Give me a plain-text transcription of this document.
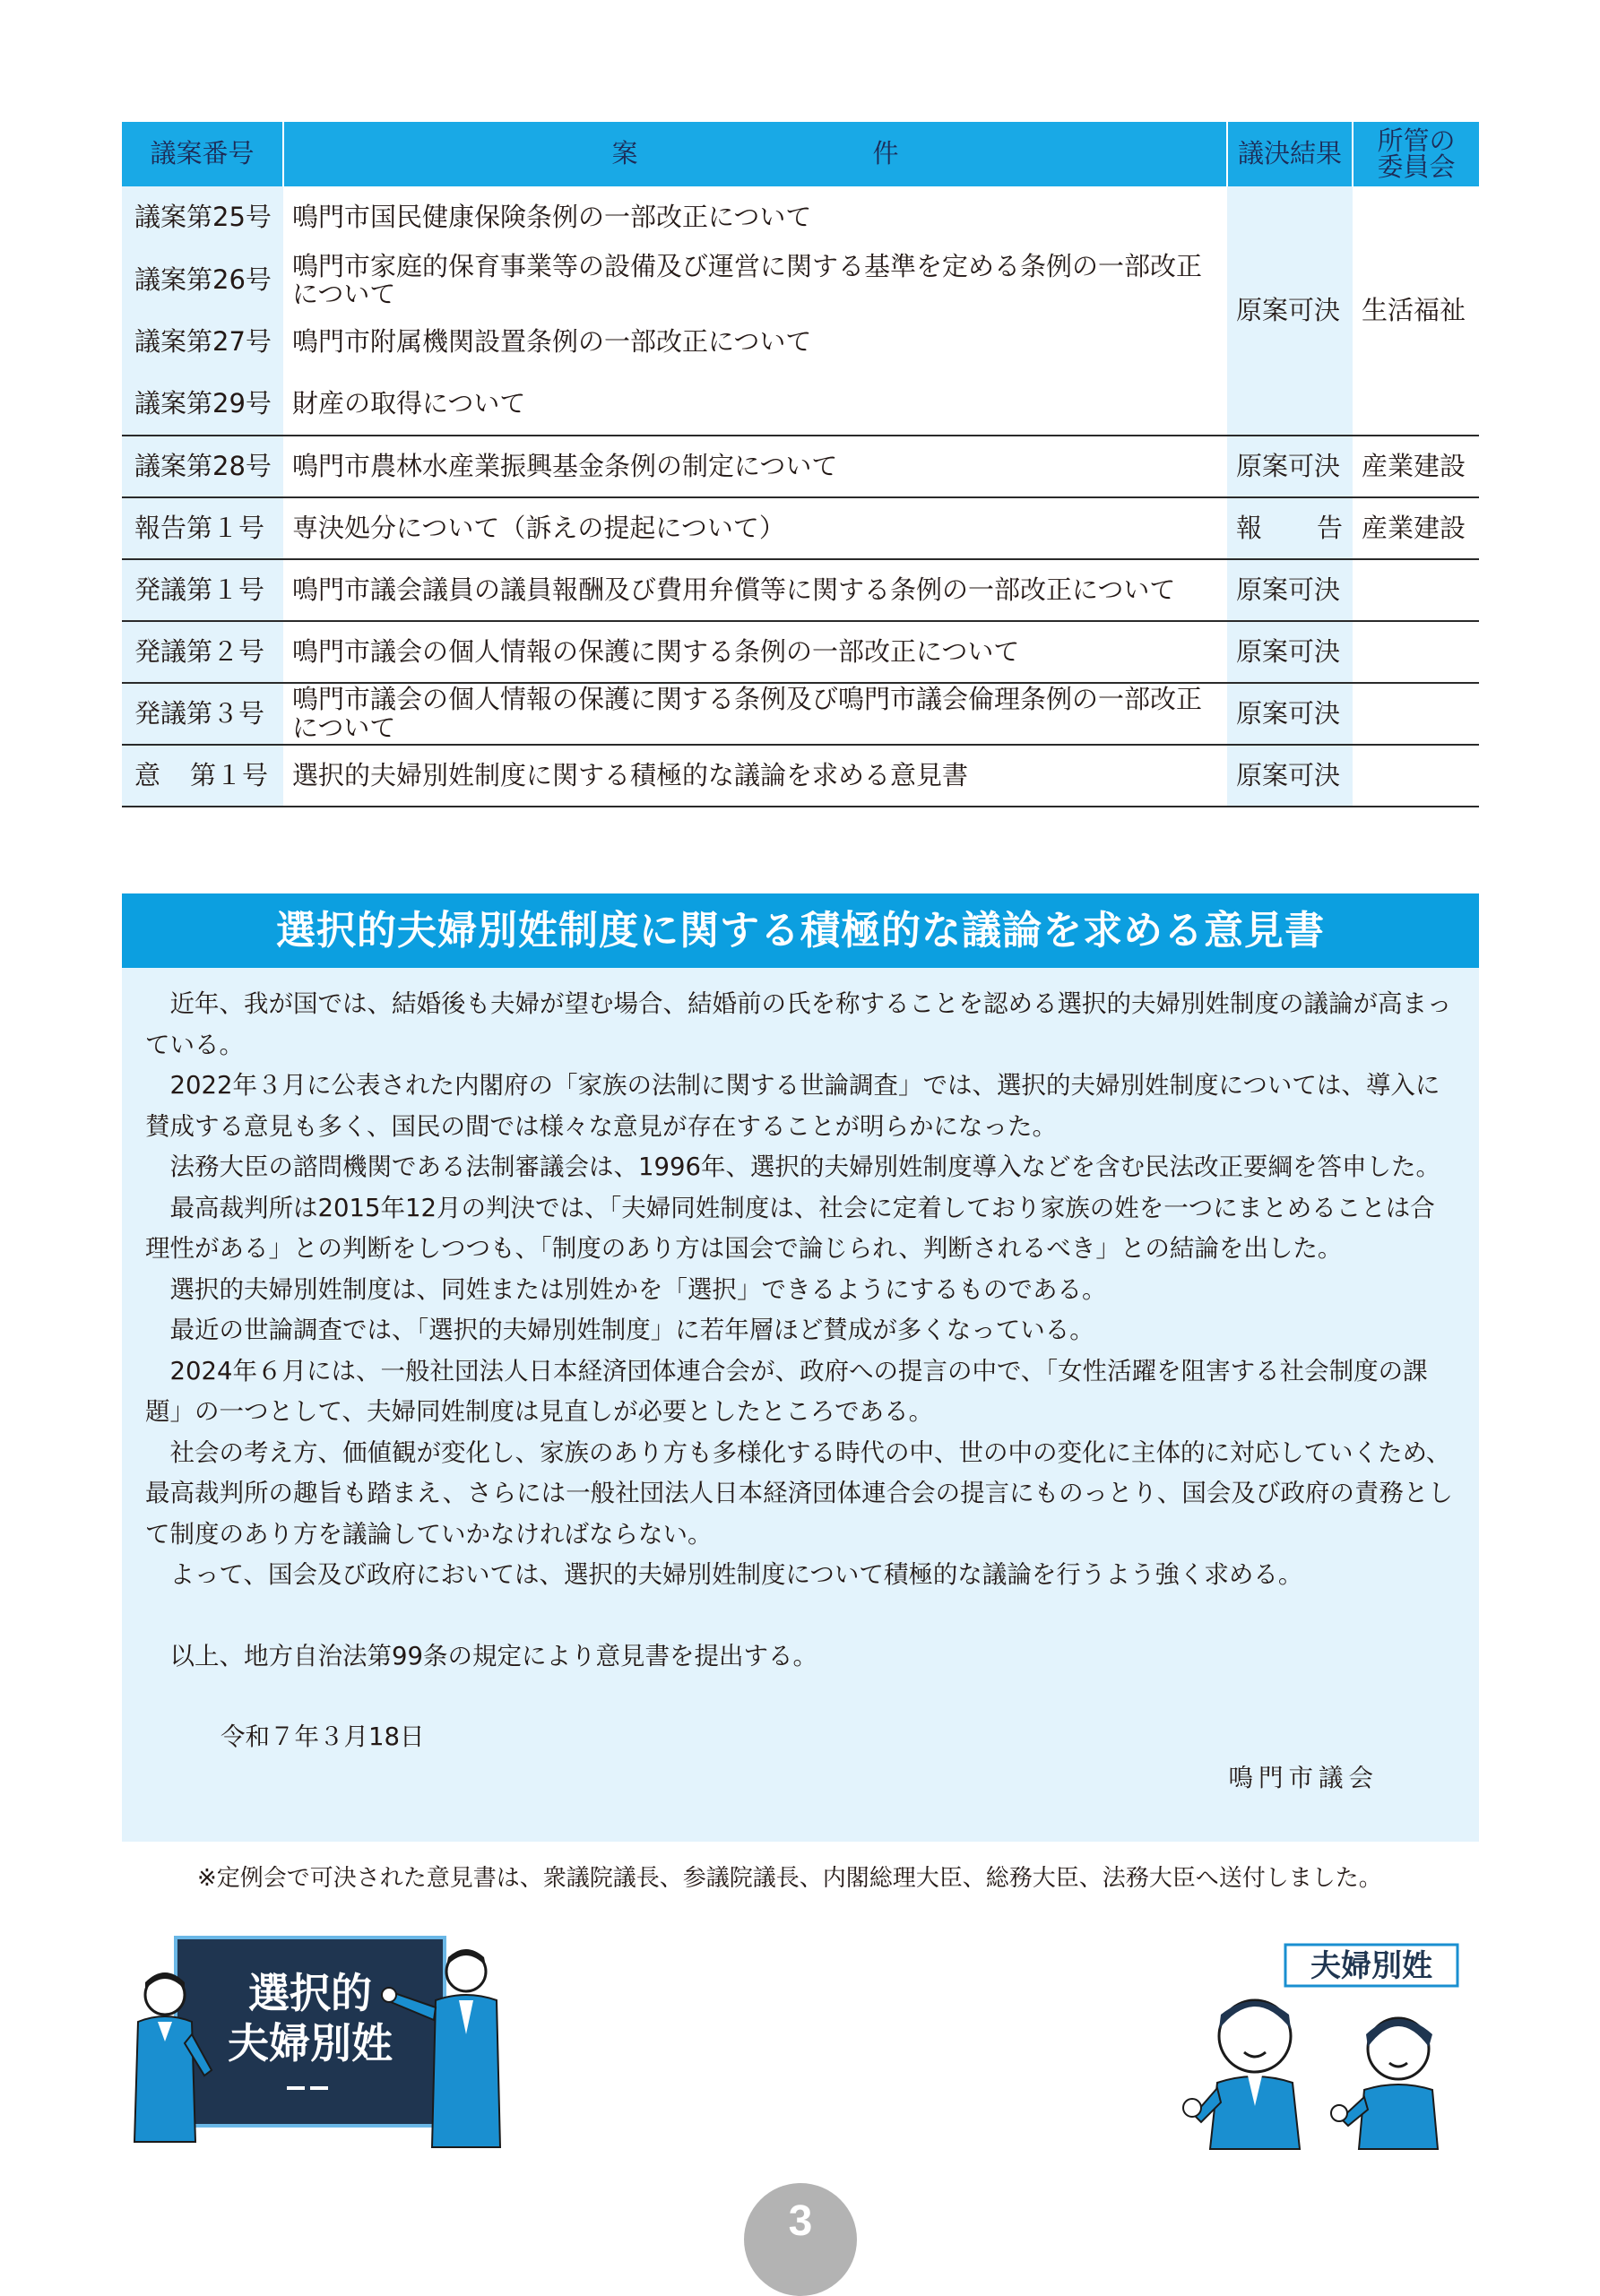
議案番号	案 件	議決結果	所管の
委員会
議案第25号	鳴門市国民健康保険条例の一部改正について	原案可決	生活福祉
議案第26号	鳴門市家庭的保育事業等の設備及び運営に関する基準を定める条例の一部改正について		
議案第27号	鳴門市附属機関設置条例の一部改正について		
議案第29号	財産の取得について		
議案第28号	鳴門市農林水産業振興基金条例の制定について	原案可決	産業建設
報告第１号	専決処分について（訴えの提起について）	報 告	産業建設
発議第１号	鳴門市議会議員の議員報酬及び費用弁償等に関する条例の一部改正について	原案可決	
発議第２号	鳴門市議会の個人情報の保護に関する条例の一部改正について	原案可決	
発議第３号	鳴門市議会の個人情報の保護に関する条例及び鳴門市議会倫理条例の一部改正について	原案可決	
意 第１号	選択的夫婦別姓制度に関する積極的な議論を求める意見書	原案可決	
選択的夫婦別姓制度に関する積極的な議論を求める意見書

近年、我が国では、結婚後も夫婦が望む場合、結婚前の氏を称することを認める選択的夫婦別姓制度の議論が高まっている。

2022年３月に公表された内閣府の「家族の法制に関する世論調査」では、選択的夫婦別姓制度については、導入に賛成する意見も多く、国民の間では様々な意見が存在することが明らかになった。

法務大臣の諮問機関である法制審議会は、1996年、選択的夫婦別姓制度導入などを含む民法改正要綱を答申した。

最高裁判所は2015年12月の判決では、「夫婦同姓制度は、社会に定着しており家族の姓を一つにまとめることは合理性がある」との判断をしつつも、「制度のあり方は国会で論じられ、判断されるべき」との結論を出した。

選択的夫婦別姓制度は、同姓または別姓かを「選択」できるようにするものである。

最近の世論調査では、「選択的夫婦別姓制度」に若年層ほど賛成が多くなっている。

2024年６月には、一般社団法人日本経済団体連合会が、政府への提言の中で、「女性活躍を阻害する社会制度の課題」の一つとして、夫婦同姓制度は見直しが必要としたところである。

社会の考え方、価値観が変化し、家族のあり方も多様化する時代の中、世の中の変化に主体的に対応していくため、最高裁判所の趣旨も踏まえ、さらには一般社団法人日本経済団体連合会の提言にものっとり、国会及び政府の責務として制度のあり方を議論していかなければならない。

よって、国会及び政府においては、選択的夫婦別姓制度について積極的な議論を行うよう強く求める。

以上、地方自治法第99条の規定により意見書を提出する。

令和７年３月18日

鳴門市議会

※定例会で可決された意見書は、衆議院議長、参議院議長、内閣総理大臣、総務大臣、法務大臣へ送付しました。
選択的
夫婦別姓
夫婦別姓
3
